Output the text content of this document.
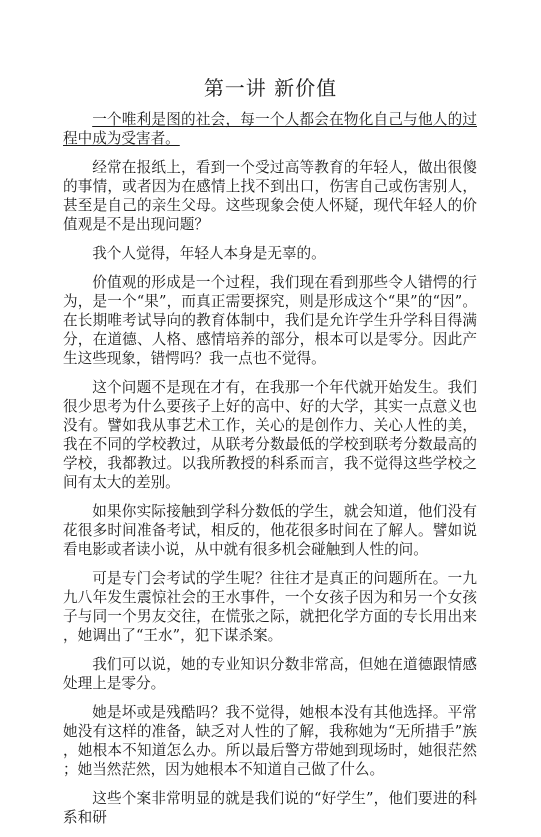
第一讲 新价值

一个唯利是图的社会，每一个人都会在物化自己与他人的过程中成为受害者。

经常在报纸上，看到一个受过高等教育的年轻人，做出很傻的事情，或者因为在感情上找不到出口，伤害自己或伤害别人，甚至是自己的亲生父母。这些现象会使人怀疑，现代年轻人的价值观是不是出现问题？

我个人觉得，年轻人本身是无辜的。

价值观的形成是一个过程，我们现在看到那些令人错愕的行为，是一个“果”，而真正需要探究，则是形成这个“果”的“因”。在长期唯考试导向的教育体制中，我们是允许学生升学科目得满分，在道德、人格、感情培养的部分，根本可以是零分。因此产生这些现象，错愕吗？我一点也不觉得。

这个问题不是现在才有，在我那一个年代就开始发生。我们很少思考为什么要孩子上好的高中、好的大学，其实一点意义也没有。譬如我从事艺术工作，关心的是创作力、关心人性的美，我在不同的学校教过，从联考分数最低的学校到联考分数最高的学校，我都教过。以我所教授的科系而言，我不觉得这些学校之间有太大的差别。

如果你实际接触到学科分数低的学生，就会知道，他们没有花很多时间准备考试，相反的，他花很多时间在了解人。譬如说看电影或者读小说，从中就有很多机会碰触到人性的问。

可是专门会考试的学生呢？往往才是真正的问题所在。一九九八年发生震惊社会的王水事件，一个女孩子因为和另一个女孩子与同一个男友交往，在慌张之际，就把化学方面的专长用出来，她调出了“王水”，犯下谋杀案。

我们可以说，她的专业知识分数非常高，但她在道德跟情感处理上是零分。

她是坏或是残酷吗？我不觉得，她根本没有其他选择。平常她没有这样的准备，缺乏对人性的了解，我称她为“无所措手”族，她根本不知道怎么办。所以最后警方带她到现场时，她很茫然；她当然茫然，因为她根本不知道自己做了什么。

这些个案非常明显的就是我们说的“好学生”，他们要进的科系和研
